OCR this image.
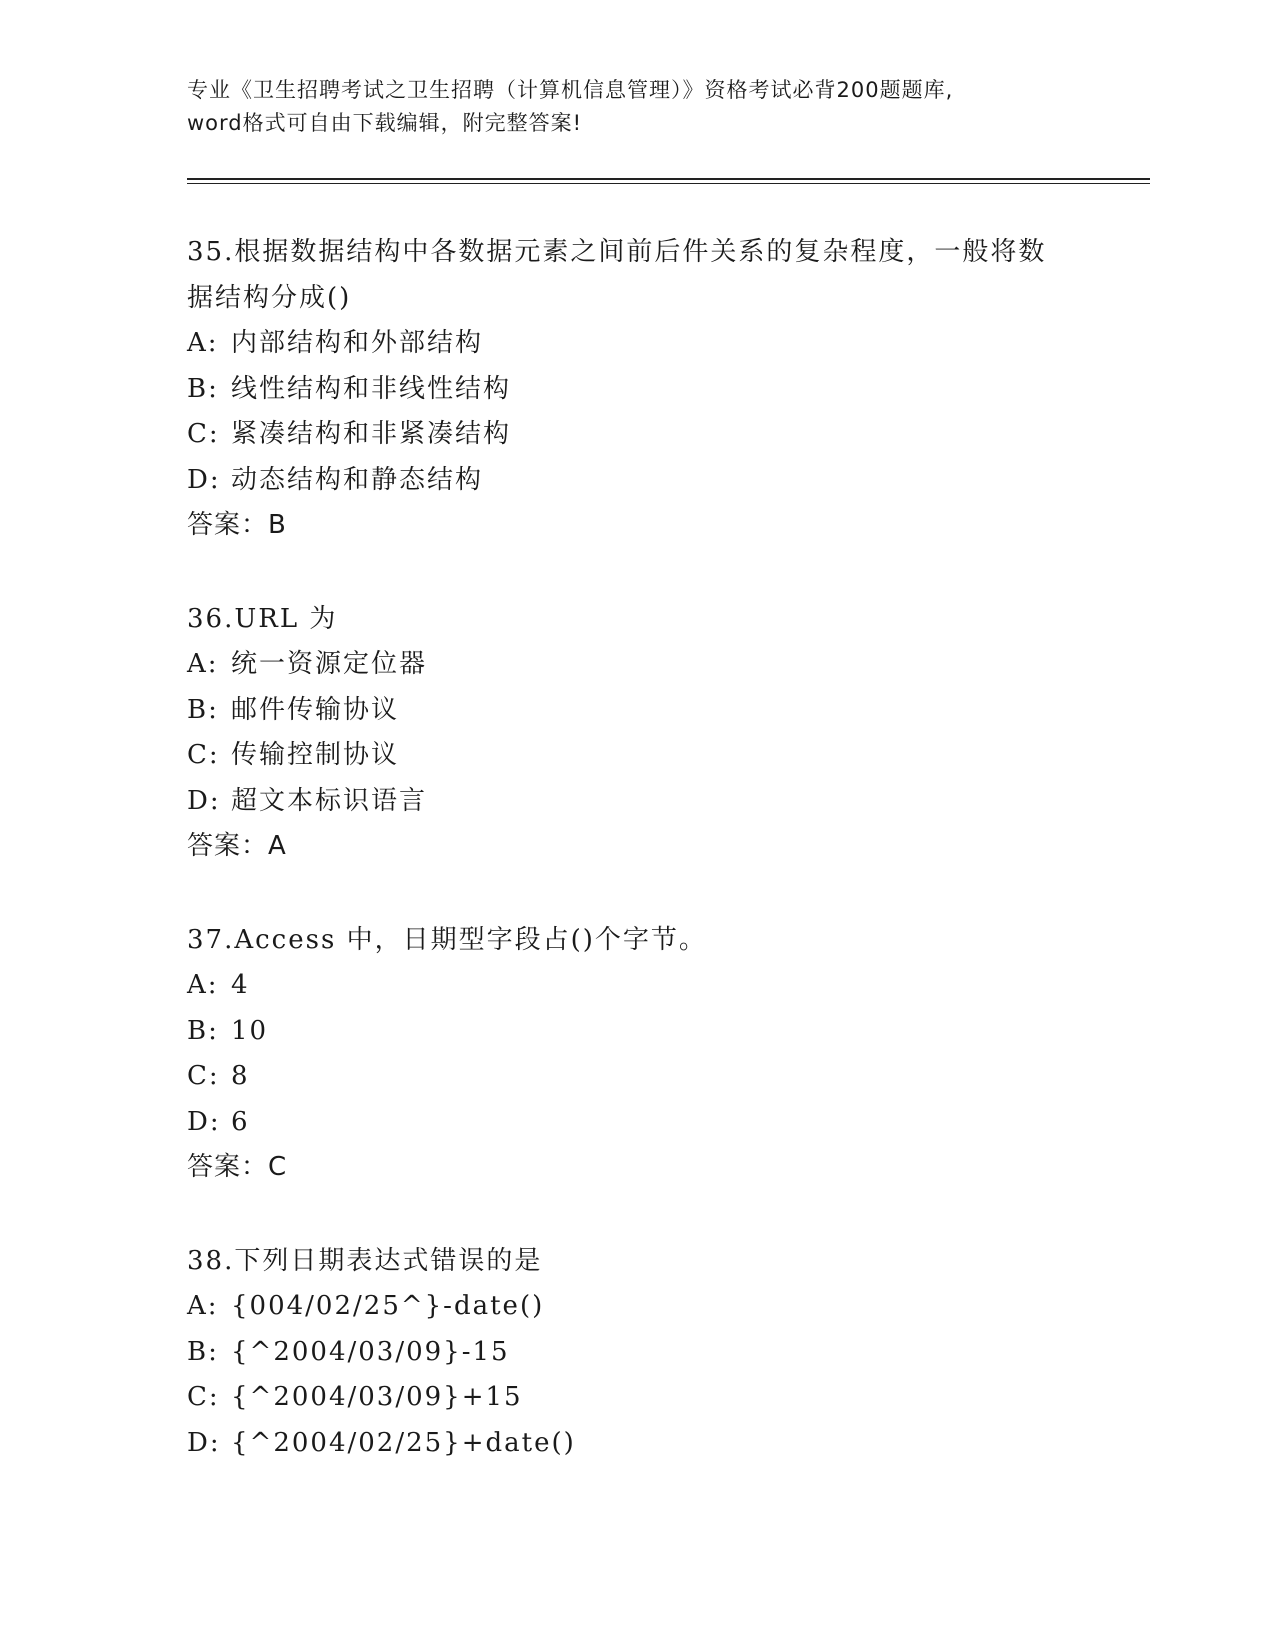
专业《卫生招聘考试之卫生招聘（计算机信息管理）》资格考试必背200题题库,
word格式可自由下载编辑，附完整答案!
35.根据数据结构中各数据元素之间前后件关系的复杂程度，一般将数
据结构分成()
A: 内部结构和外部结构
B: 线性结构和非线性结构
C: 紧凑结构和非紧凑结构
D: 动态结构和静态结构
答案：B
36.URL 为
A: 统一资源定位器
B: 邮件传输协议
C: 传输控制协议
D: 超文本标识语言
答案：A
37.Access 中，日期型字段占()个字节。
A: 4
B: 10
C: 8
D: 6
答案：C
38.下列日期表达式错误的是
A: {004/02/25^}-date()
B: {^2004/03/09}-15
C: {^2004/03/09}+15
D: {^2004/02/25}+date()
